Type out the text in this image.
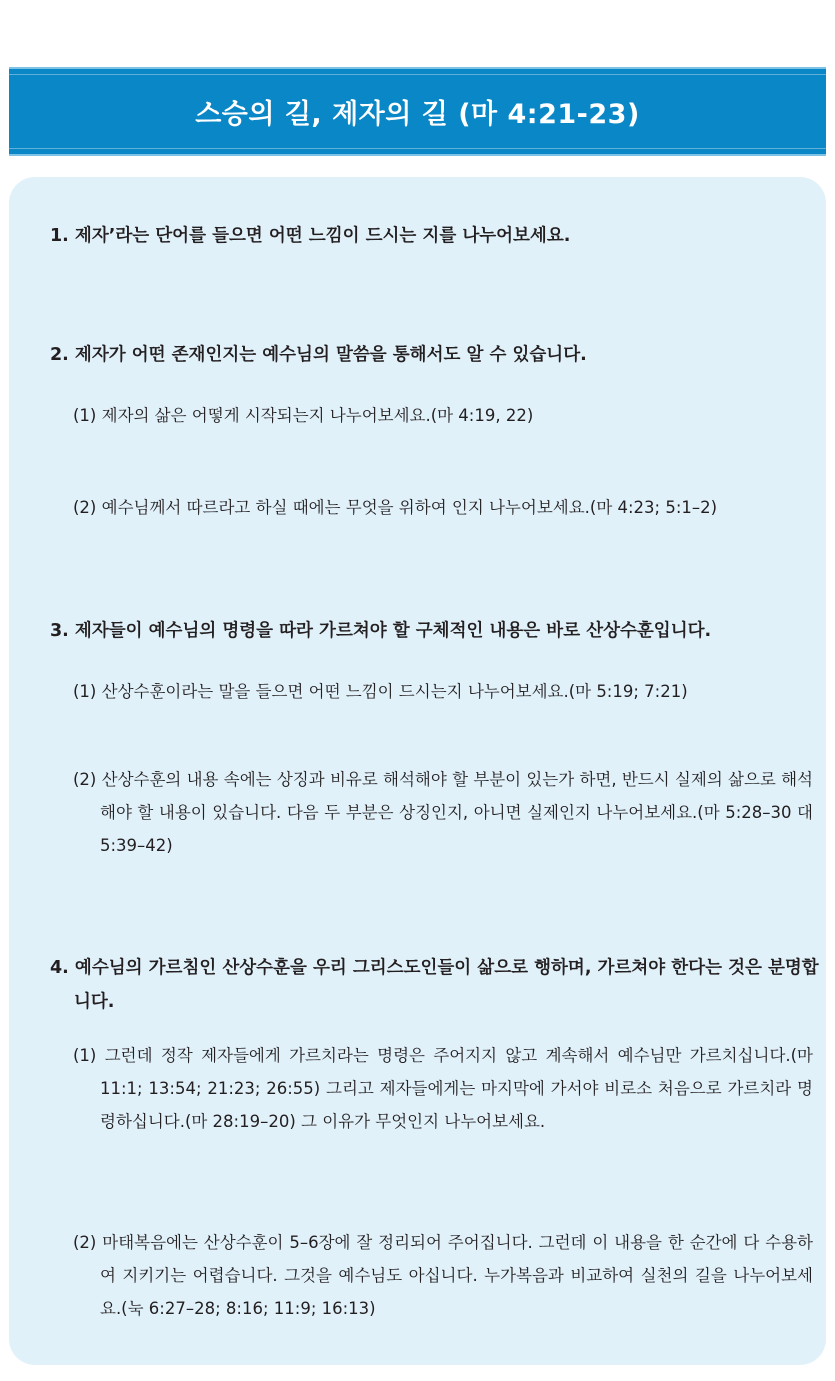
스승의 길, 제자의 길 (마 4:21-23)
1. 제자’라는 단어를 들으면 어떤 느낌이 드시는 지를 나누어보세요.
2. 제자가 어떤 존재인지는 예수님의 말씀을 통해서도 알 수 있습니다.
(1) 제자의 삶은 어떻게 시작되는지 나누어보세요.(마 4:19, 22)
(2) 예수님께서 따르라고 하실 때에는 무엇을 위하여 인지 나누어보세요.(마 4:23; 5:1–2)
3. 제자들이 예수님의 명령을 따라 가르쳐야 할 구체적인 내용은 바로 산상수훈입니다.
(1) 산상수훈이라는 말을 들으면 어떤 느낌이 드시는지 나누어보세요.(마 5:19; 7:21)
(2) 산상수훈의 내용 속에는 상징과 비유로 해석해야 할 부분이 있는가 하면, 반드시 실제의 삶으로 해석해야 할 내용이 있습니다. 다음 두 부분은 상징인지, 아니면 실제인지 나누어보세요.(마 5:28–30 대 5:39–42)
4. 예수님의 가르침인 산상수훈을 우리 그리스도인들이 삶으로 행하며, 가르쳐야 한다는 것은 분명합니다.
(1) 그런데 정작 제자들에게 가르치라는 명령은 주어지지 않고 계속해서 예수님만 가르치십니다.(마 11:1; 13:54; 21:23; 26:55) 그리고 제자들에게는 마지막에 가서야 비로소 처음으로 가르치라 명령하십니다.(마 28:19–20) 그 이유가 무엇인지 나누어보세요.
(2) 마태복음에는 산상수훈이 5–6장에 잘 정리되어 주어집니다. 그런데 이 내용을 한 순간에 다 수용하여 지키기는 어렵습니다. 그것을 예수님도 아십니다. 누가복음과 비교하여 실천의 길을 나누어보세요.(눅 6:27–28; 8:16; 11:9; 16:13)
